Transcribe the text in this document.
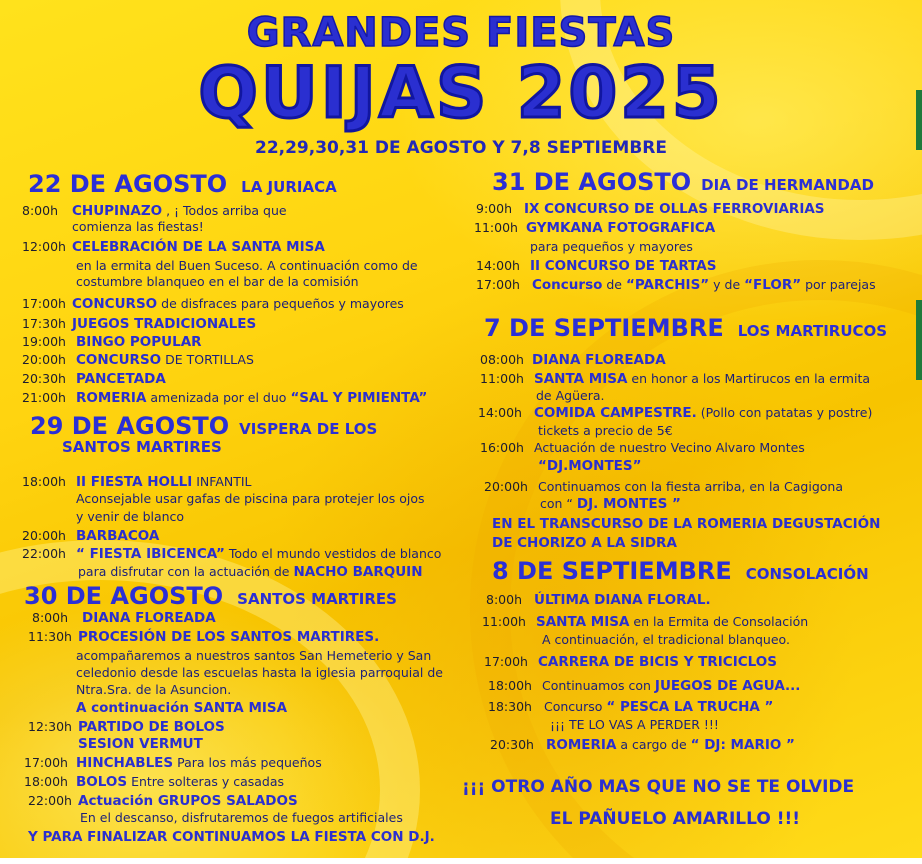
GRANDES FIESTAS
QUIJAS 2025
22,29,30,31 DE AGOSTO Y 7,8 SEPTIEMBRE
22 DE AGOSTO LA JURIACA
8:00h CHUPINAZO , ¡ Todos arriba que
comienza las fiestas!
12:00h CELEBRACIÓN DE LA SANTA MISA
en la ermita del Buen Suceso. A continuación como de
costumbre blanqueo en el bar de la comisión
17:00h CONCURSO de disfraces para pequeños y mayores
17:30h JUEGOS TRADICIONALES
19:00h BINGO POPULAR
20:00h CONCURSO DE TORTILLAS
20:30h PANCETADA
21:00h ROMERIA amenizada por el duo “SAL Y PIMIENTA”
29 DE AGOSTO VISPERA DE LOS
SANTOS MARTIRES
18:00h II FIESTA HOLLI INFANTIL
Aconsejable usar gafas de piscina para protejer los ojos
y venir de blanco
20:00h BARBACOA
22:00h “ FIESTA IBICENCA” Todo el mundo vestidos de blanco
para disfrutar con la actuación de NACHO BARQUIN
30 DE AGOSTO SANTOS MARTIRES
8:00h DIANA FLOREADA
11:30h PROCESIÓN DE LOS SANTOS MARTIRES.
acompañaremos a nuestros santos San Hemeterio y San
celedonio desde las escuelas hasta la iglesia parroquial de
Ntra.Sra. de la Asuncion.
A continuación SANTA MISA
12:30h PARTIDO DE BOLOS
SESION VERMUT
17:00h HINCHABLES Para los más pequeños
18:00h BOLOS Entre solteras y casadas
22:00h Actuación GRUPOS SALADOS
En el descanso, disfrutaremos de fuegos artificiales
Y PARA FINALIZAR CONTINUAMOS LA FIESTA CON D.J.
31 DE AGOSTO DIA DE HERMANDAD
9:00h IX CONCURSO DE OLLAS FERROVIARIAS
11:00h GYMKANA FOTOGRAFICA
para pequeños y mayores
14:00h II CONCURSO DE TARTAS
17:00h Concurso de “PARCHIS” y de “FLOR” por parejas
7 DE SEPTIEMBRE LOS MARTIRUCOS
08:00h DIANA FLOREADA
11:00h SANTA MISA en honor a los Martirucos en la ermita
de Agüera.
14:00h COMIDA CAMPESTRE. (Pollo con patatas y postre)
tickets a precio de 5€
16:00h Actuación de nuestro Vecino Alvaro Montes
“DJ.MONTES”
20:00h Continuamos con la fiesta arriba, en la Cagigona
con “ DJ. MONTES ”
EN EL TRANSCURSO DE LA ROMERIA DEGUSTACIÓN
DE CHORIZO A LA SIDRA
8 DE SEPTIEMBRE CONSOLACIÓN
8:00h ÚLTIMA DIANA FLORAL.
11:00h SANTA MISA en la Ermita de Consolación
A continuación, el tradicional blanqueo.
17:00h CARRERA DE BICIS Y TRICICLOS
18:00h Continuamos con JUEGOS DE AGUA...
18:30h Concurso “ PESCA LA TRUCHA ”
¡¡¡ TE LO VAS A PERDER !!!
20:30h ROMERIA a cargo de “ DJ: MARIO ”
¡¡¡ OTRO AÑO MAS QUE NO SE TE OLVIDE
EL PAÑUELO AMARILLO !!!
